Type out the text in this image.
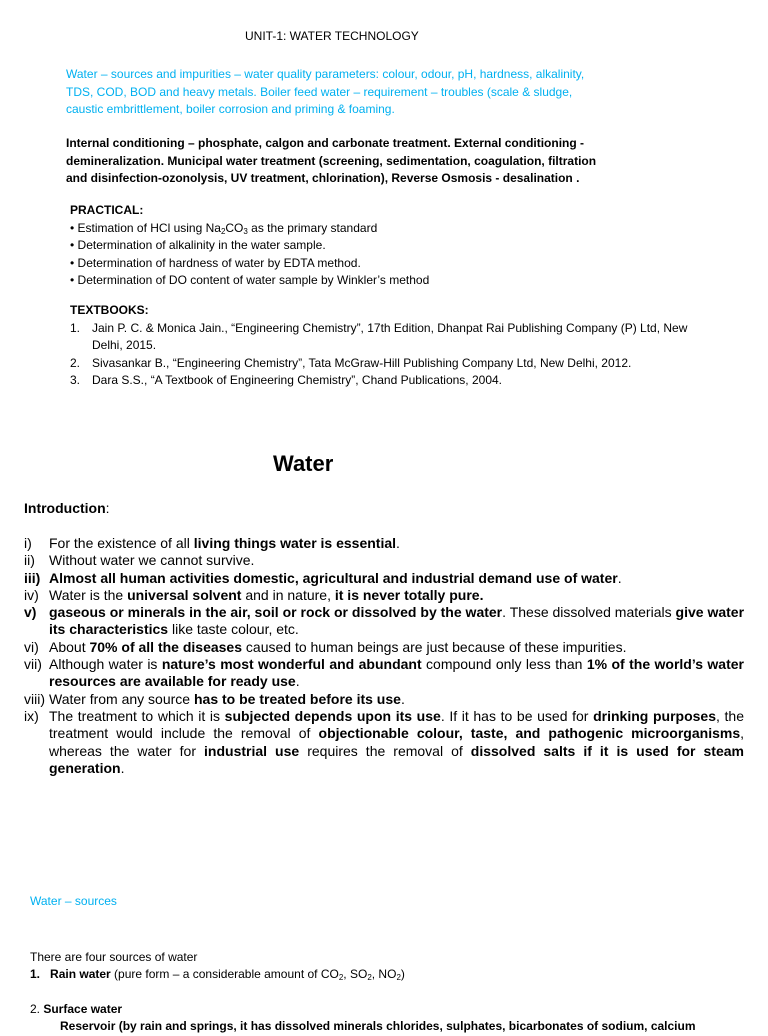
UNIT-1: WATER TECHNOLOGY
Water – sources and impurities – water quality parameters: colour, odour, pH, hardness, alkalinity,
TDS, COD, BOD and heavy metals. Boiler feed water – requirement – troubles (scale & sludge,
caustic embrittlement, boiler corrosion and priming & foaming.
Internal conditioning – phosphate, calgon and carbonate treatment. External conditioning -
demineralization. Municipal water treatment (screening, sedimentation, coagulation, filtration
and disinfection-ozonolysis, UV treatment, chlorination), Reverse Osmosis - desalination .
PRACTICAL:
• Estimation of HCl using $Na_2CO_3$ as the primary standard
• Determination of alkalinity in the water sample.
• Determination of hardness of water by EDTA method.
• Determination of DO content of water sample by Winkler’s method
TEXTBOOKS:
1. Jain P. C. & Monica Jain., “Engineering Chemistry”, 17th Edition, Dhanpat Rai Publishing Company (P) Ltd, New Delhi, 2015.
2. Sivasankar B., “Engineering Chemistry”, Tata McGraw-Hill Publishing Company Ltd, New Delhi, 2012.
3. Dara S.S., “A Textbook of Engineering Chemistry”, Chand Publications, 2004.
Water
Introduction:
i) For the existence of all living things water is essential.
ii) Without water we cannot survive.
iii) Almost all human activities domestic, agricultural and industrial demand use of water.
iv) Water is the universal solvent and in nature, it is never totally pure.
v) gaseous or minerals in the air, soil or rock or dissolved by the water. These dissolved materials give water its characteristics like taste colour, etc.
vi) About 70% of all the diseases caused to human beings are just because of these impurities.
vii) Although water is nature’s most wonderful and abundant compound only less than 1% of the world’s water resources are available for ready use.
viii) Water from any source has to be treated before its use.
ix) The treatment to which it is subjected depends upon its use. If it has to be used for drinking purposes, the treatment would include the removal of objectionable colour, taste, and pathogenic microorganisms, whereas the water for industrial use requires the removal of dissolved salts if it is used for steam generation.
Water – sources
There are four sources of water
1. Rain water (pure form – a considerable amount of $CO_2$, $SO_2$, $NO_2$)
2. Surface water
Reservoir (by rain and springs, it has dissolved minerals chlorides, sulphates, bicarbonates of sodium, calcium
